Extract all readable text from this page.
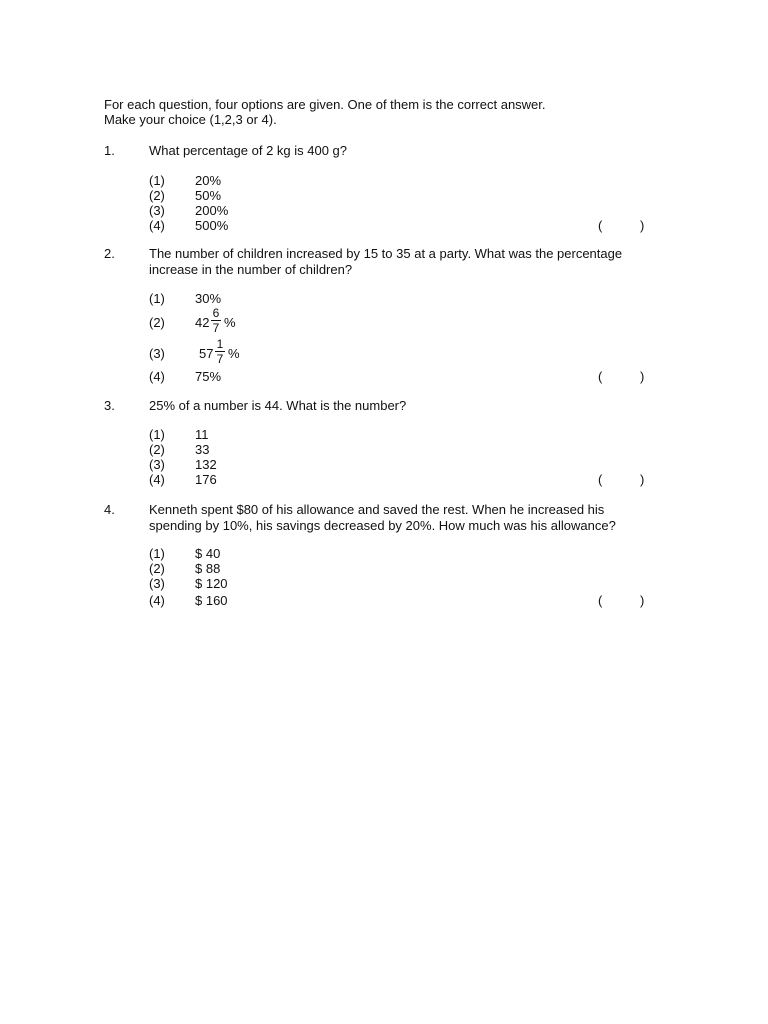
For each question, four options are given. One of them is the correct answer.
Make your choice (1,2,3 or 4).
1.	What percentage of 2 kg is 400 g?
(1) 20%
(2) 50%
(3) 200%
(4) 500%	(	)
2.	The number of children increased by 15 to 35 at a party. What was the percentage increase in the number of children?
(1) 30%
(2) 42
6
7 %
(3)	57
1
7 %
(4) 75%	(	)
3.	25% of a number is 44. What is the number?
(1) 11
(2) 33
(3) 132
(4) 176	(	)
4.	Kenneth spent $80 of his allowance and saved the rest. When he increased his spending by 10%, his savings decreased by 20%. How much was his allowance?
(1) $ 40
(2) $ 88
(3) $ 120
(4) $ 160	(	)
